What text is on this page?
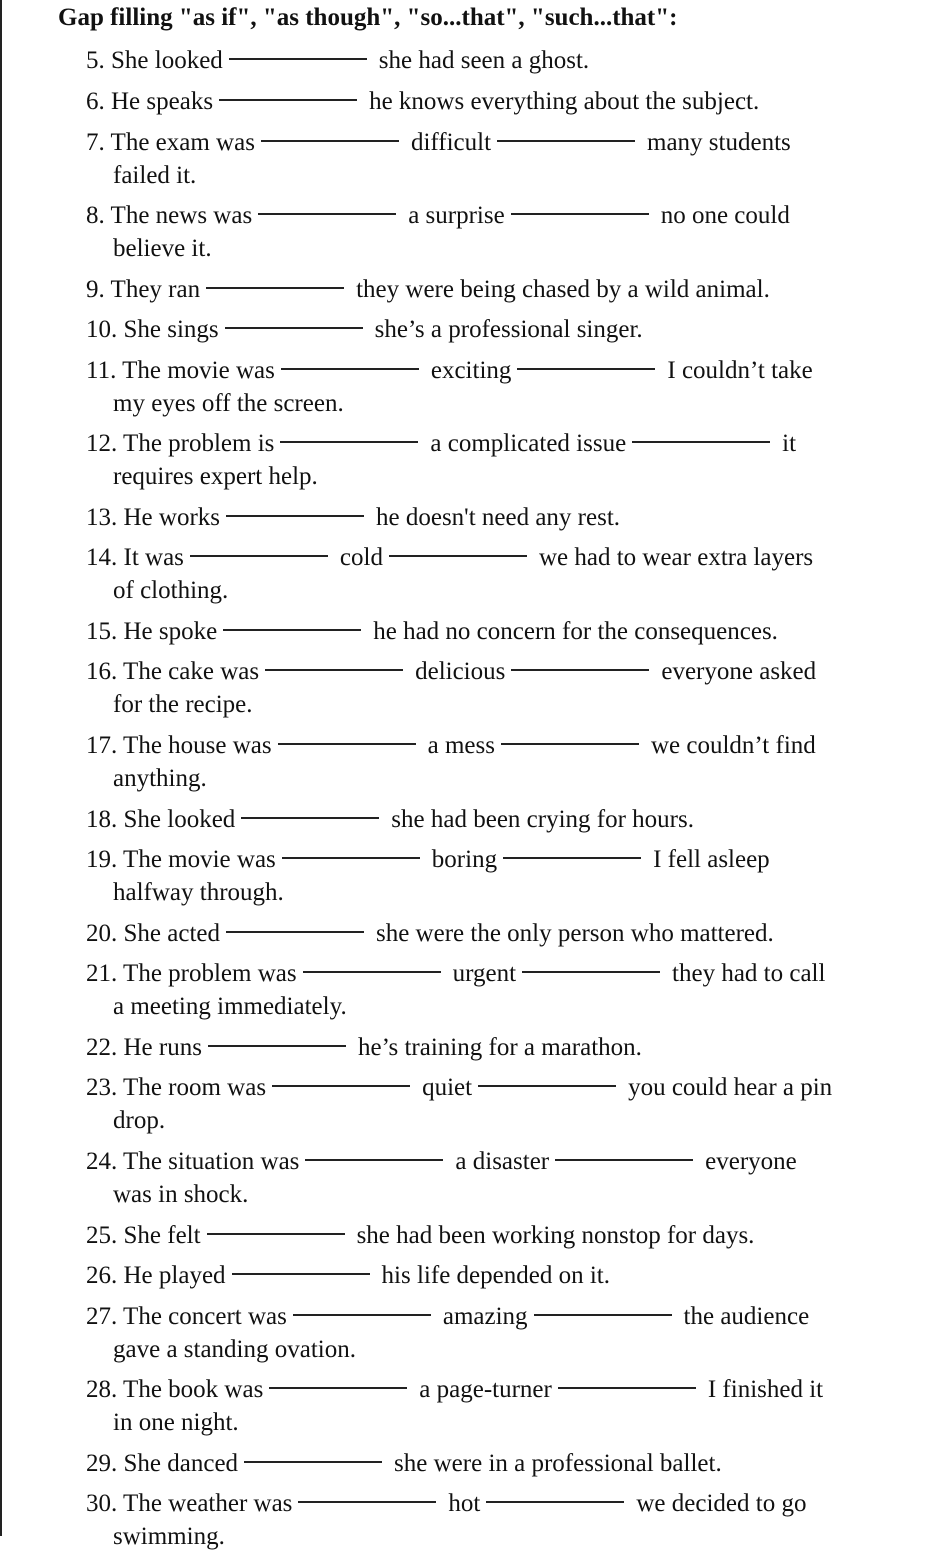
Gap filling "as if", "as though", "so...that", "such...that":
5. She looked	she had seen a ghost.
6. He speaks	he knows everything about the subject.
7. The exam was	difficult	many students
failed it.
8. The news was	a surprise	no one could
believe it.
9. They ran	they were being chased by a wild animal.
10. She sings	she’s a professional singer.
11. The movie was	exciting	I couldn’t take
my eyes off the screen.
12. The problem is	a complicated issue	it
requires expert help.
13. He works	he doesn't need any rest.
14. It was	cold	we had to wear extra layers
of clothing.
15. He spoke	he had no concern for the consequences.
16. The cake was	delicious	everyone asked
for the recipe.
17. The house was	a mess	we couldn’t find
anything.
18. She looked	she had been crying for hours.
19. The movie was	boring	I fell asleep
halfway through.
20. She acted	she were the only person who mattered.
21. The problem was	urgent	they had to call
a meeting immediately.
22. He runs	he’s training for a marathon.
23. The room was	quiet	you could hear a pin
drop.
24. The situation was	a disaster	everyone
was in shock.
25. She felt	she had been working nonstop for days.
26. He played	his life depended on it.
27. The concert was	amazing	the audience
gave a standing ovation.
28. The book was	a page-turner	I finished it
in one night.
29. She danced	she were in a professional ballet.
30. The weather was	hot	we decided to go
swimming.
